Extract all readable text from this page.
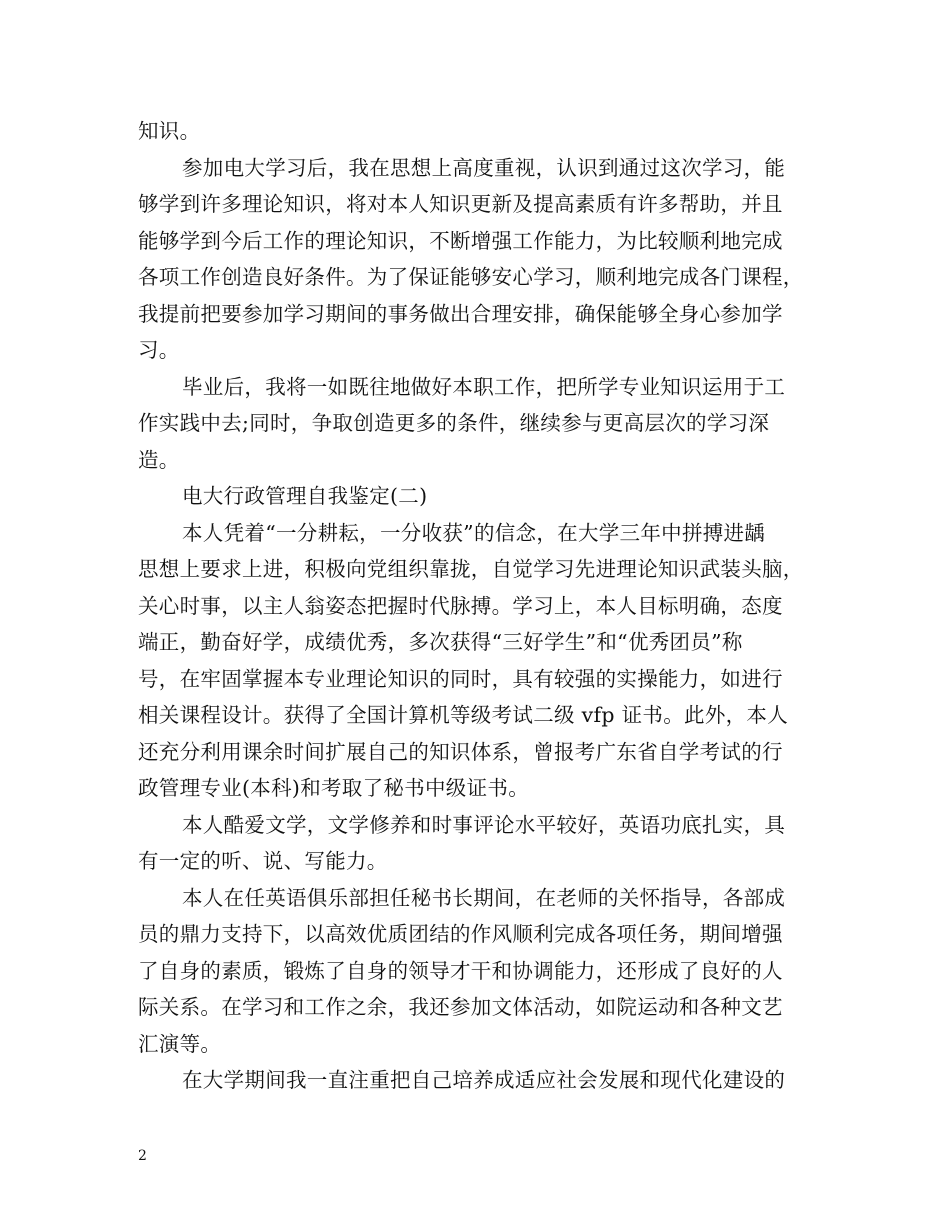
知识。
参加电大学习后，我在思想上高度重视，认识到通过这次学习，能
够学到许多理论知识，将对本人知识更新及提高素质有许多帮助，并且
能够学到今后工作的理论知识，不断增强工作能力，为比较顺利地完成
各项工作创造良好条件。为了保证能够安心学习，顺利地完成各门课程，
我提前把要参加学习期间的事务做出合理安排，确保能够全身心参加学
习。
毕业后，我将一如既往地做好本职工作，把所学专业知识运用于工
作实践中去;同时，争取创造更多的条件，继续参与更高层次的学习深
造。
电大行政管理自我鉴定(二)
本人凭着“一分耕耘，一分收获”的信念，在大学三年中拼搏进龋
思想上要求上进，积极向党组织靠拢，自觉学习先进理论知识武装头脑，
关心时事，以主人翁姿态把握时代脉搏。学习上，本人目标明确，态度
端正，勤奋好学，成绩优秀，多次获得“三好学生”和“优秀团员”称
号，在牢固掌握本专业理论知识的同时，具有较强的实操能力，如进行
相关课程设计。获得了全国计算机等级考试二级 vfp 证书。此外，本人
还充分利用课余时间扩展自己的知识体系，曾报考广东省自学考试的行
政管理专业(本科)和考取了秘书中级证书。
本人酷爱文学，文学修养和时事评论水平较好，英语功底扎实，具
有一定的听、说、写能力。
本人在任英语俱乐部担任秘书长期间，在老师的关怀指导，各部成
员的鼎力支持下，以高效优质团结的作风顺利完成各项任务，期间增强
了自身的素质，锻炼了自身的领导才干和协调能力，还形成了良好的人
际关系。在学习和工作之余，我还参加文体活动，如院运动和各种文艺
汇演等。
在大学期间我一直注重把自己培养成适应社会发展和现代化建设的
2
